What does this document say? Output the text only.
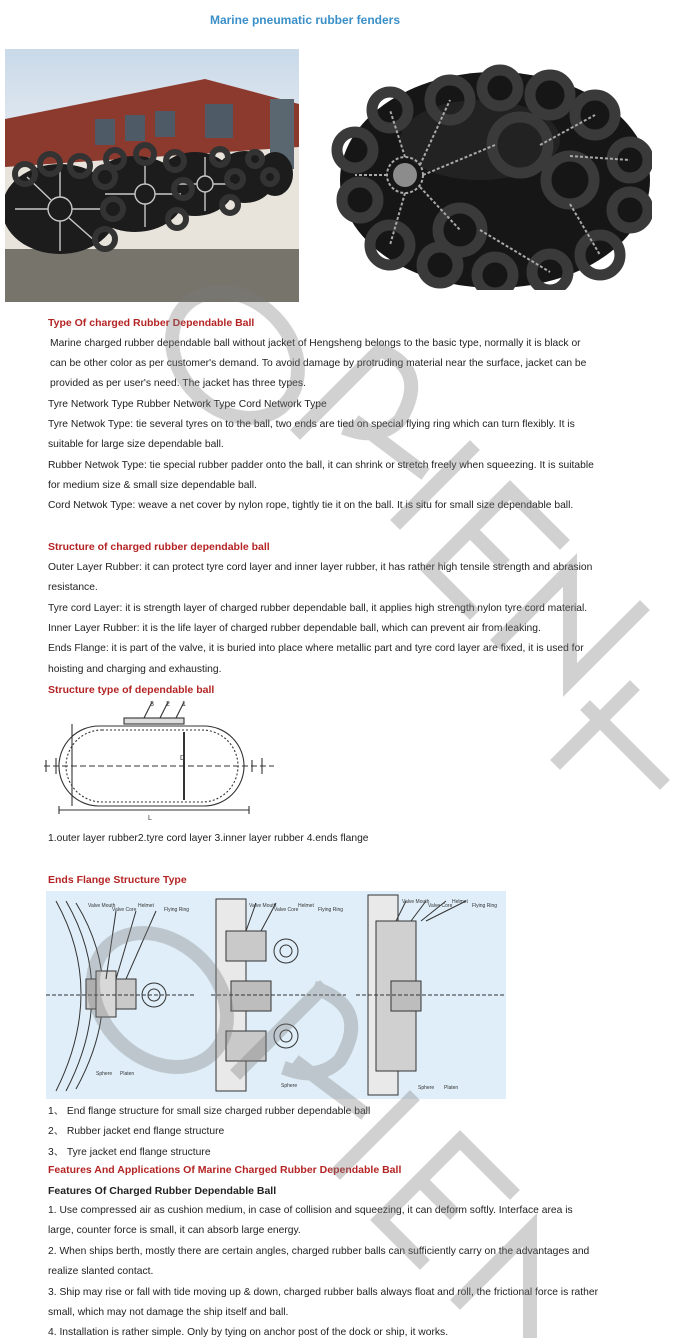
Marine pneumatic rubber fenders
Type Of charged Rubber Dependable Ball
Marine charged rubber dependable ball without jacket of Hengsheng belongs to the basic type, normally it is black or
can be other color as per customer's demand. To avoid damage by protruding material near the surface, jacket can be
provided as per user's need. The jacket has three types.
Tyre Network Type Rubber Network Type Cord Network Type
Tyre Netwok Type: tie several tyres on to the ball, two ends are tied on special flying ring which can turn flexibly. It is
suitable for large size dependable ball.
Rubber Netwok Type: tie special rubber padder onto the ball, it can shrink or stretch freely when squeezing. It is suitable
for medium size & small size dependable ball.
Cord Netwok Type: weave a net cover by nylon rope, tightly tie it on the ball. It is situ for small size dependable ball.
Structure of charged rubber dependable ball
Outer Layer Rubber: it can protect tyre cord layer and inner layer rubber, it has rather high tensile strength and abrasion
resistance.
Tyre cord Layer: it is strength layer of charged rubber dependable ball, it applies high strength nylon tyre cord material.
Inner Layer Rubber: it is the life layer of charged rubber dependable ball, which can prevent air from leaking.
Ends Flange: it is part of the valve, it is buried into place where metallic part and tyre cord layer are fixed, it is used for
hoisting and charging and exhausting.
Structure type of dependable ball
3 2 1
D
L
1.outer layer rubber2.tyre cord layer 3.inner layer rubber 4.ends flange
Ends Flange Structure Type
Valve Mouth
Valve Core
Helmet
Flying Ring
Sphere Platen
Valve Mouth
Valve Core
Helmet
Flying Ring
Sphere
Valve Mouth
Valve Core
Helmet
Flying Ring
Sphere Platen
1、 End flange structure for small size charged rubber dependable ball
2、 Rubber jacket end flange structure
3、 Tyre jacket end flange structure
Features And Applications Of Marine Charged Rubber Dependable Ball
Features Of Charged Rubber Dependable Ball
1. Use compressed air as cushion medium, in case of collision and squeezing, it can deform softly. Interface area is
large, counter force is small, it can absorb large energy.
2. When ships berth, mostly there are certain angles, charged rubber balls can sufficiently carry on the advantages and
realize slanted contact.
3. Ship may rise or fall with tide moving up & down, charged rubber balls always float and roll, the frictional force is rather
small, which may not damage the ship itself and ball.
4. Installation is rather simple. Only by tying on anchor post of the dock or ship, it works.
